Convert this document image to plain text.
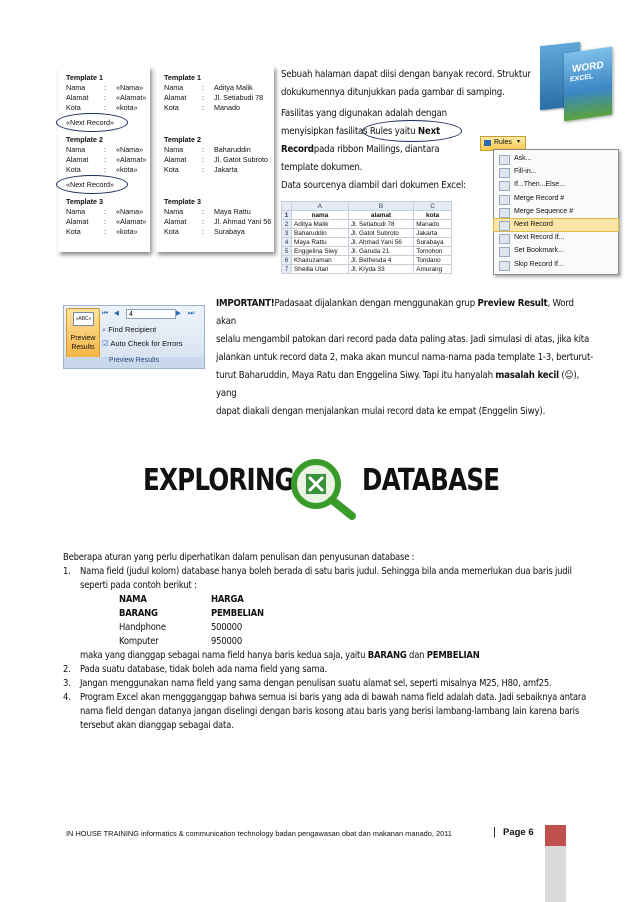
Template 1
Nama	: «Nama»
Alamat : «Alamat»
Kota	: «kota»
Template 2
Nama	: «Nama»
Alamat : «Alamat»
Kota	: «kota»
Template 3
Nama	: «Nama»
Alamat : «Alamat»
Kota	: «kota»
Template 1
Nama	: Aditya Malik
Alamat : Jl. Setiabudi 78
Kota	: Manado
Template 2
Nama	: Baharuddin
Alamat : Jl. Gatot Subroto
Kota	: Jakarta
Template 3
Nama	: Maya Rattu
Alamat : Jl. Ahmad Yani 56
Kota	: Surabaya
«Next Record»
«Next Record»
Sebuah halaman dapat diisi dengan banyak record. Struktur
dokukumennya ditunjukkan pada gambar di samping.
Fasilitas yang digunakan adalah dengan
menyisipkan fasilitas Rules yaitu Next
Recordpada ribbon Mailings, diantara
template dokumen.
Data sourcenya diambil dari dokumen Excel:
WORD
EXCEL
Rules ▾
Ask...
Fill-in...
If...Then...Else...
Merge Record #
Merge Sequence #
Next Record
Next Record If...
Set Bookmark...
Skip Record If...
	A	B	C
1	nama	alamat	kota
2	Aditya Malik	Jl. Setiabudi 78	Manado
3	Baharuddin	Jl. Gatot Subroto	Jakarta
4	Maya Rattu	Jl. Ahmad Yani 56	Surabaya
5	Enggelina Siwy	Jl. Garuda 21	Tomohon
6	Khairuzaman	Jl. Bethesda 4	Tondano
7	Sheilla Utari	Jl. Kryda 33	Amurang
«ABC»
Preview
Results
⏮ ◀
4	▶	⏭
⌕ Find Recipient
☑ Auto Check for Errors
Preview Results
IMPORTANT!Padasaat dijalankan dengan menggunakan grup Preview Result, Word akan
selalu mengambil patokan dari record pada data paling atas. Jadi simulasi di atas, jika kita
jalankan untuk record data 2, maka akan muncul nama-nama pada template 1-3, berturut-
turut Baharuddin, Maya Ratu dan Enggelina Siwy. Tapi itu hanyalah masalah kecil (☺), yang
dapat diakali dengan menjalankan mulai record data ke empat (Enggelin Siwy).
EXPLORING DATABASE
Beberapa aturan yang perlu diperhatikan dalam penulisan dan penyusunan database :
1. Nama field (judul kolom) database hanya boleh berada di satu baris judul. Sehingga bila anda memerlukan dua baris judil
seperti pada contoh berikut :
NAMA	HARGA
BARANG	PEMBELIAN
Handphone	500000
Komputer	950000
maka yang dianggap sebagai nama field hanya baris kedua saja, yaitu BARANG dan PEMBELIAN
2. Pada suatu database, tidak boleh ada nama field yang sama.
3. Jangan menggunakan nama field yang sama dengan penulisan suatu alamat sel, seperti misalnya M25, H80, amf25.
4. Program Excel akan menggganggap bahwa semua isi baris yang ada di bawah nama field adalah data. Jadi sebaiknya antara
nama field dengan datanya jangan diselingi dengan baris kosong atau baris yang berisi lambang-lambang lain karena baris
tersebut akan dianggap sebagai data.
IN HOUSE TRAINING informatics & communication technology badan pengawasan obat dan makanan manado, 2011	| Page 6
